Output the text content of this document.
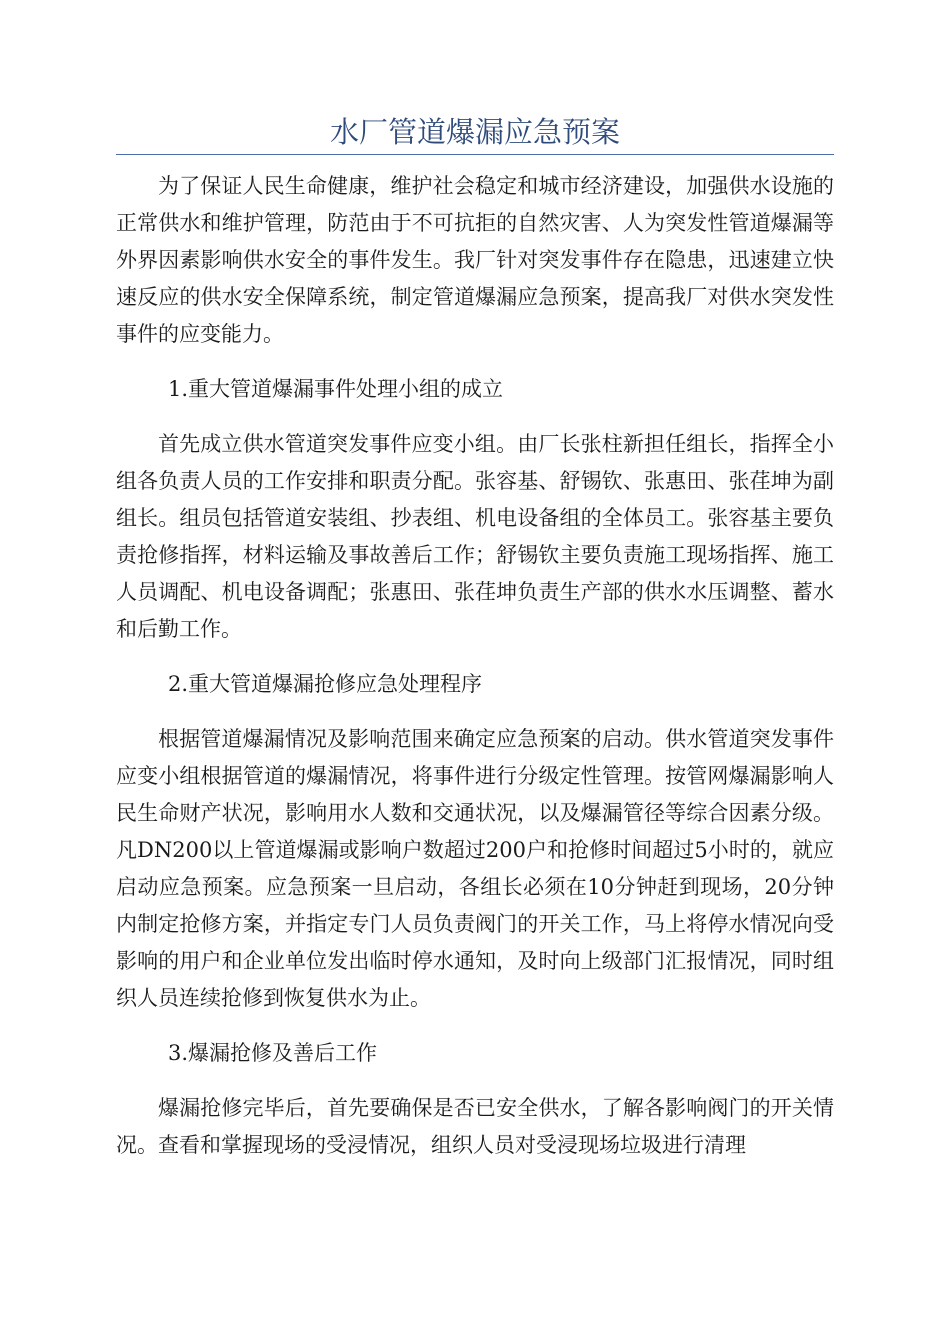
水厂管道爆漏应急预案

为了保证人民生命健康，维护社会稳定和城市经济建设，加强供水设施的正常供水和维护管理，防范由于不可抗拒的自然灾害、人为突发性管道爆漏等外界因素影响供水安全的事件发生。我厂针对突发事件存在隐患，迅速建立快速反应的供水安全保障系统，制定管道爆漏应急预案，提高我厂对供水突发性事件的应变能力。

1.重大管道爆漏事件处理小组的成立

首先成立供水管道突发事件应变小组。由厂长张柱新担任组长，指挥全小组各负责人员的工作安排和职责分配。张容基、舒锡钦、张惠田、张荏坤为副组长。组员包括管道安装组、抄表组、机电设备组的全体员工。张容基主要负责抢修指挥，材料运输及事故善后工作；舒锡钦主要负责施工现场指挥、施工人员调配、机电设备调配；张惠田、张荏坤负责生产部的供水水压调整、蓄水和后勤工作。

2.重大管道爆漏抢修应急处理程序

根据管道爆漏情况及影响范围来确定应急预案的启动。供水管道突发事件应变小组根据管道的爆漏情况，将事件进行分级定性管理。按管网爆漏影响人民生命财产状况，影响用水人数和交通状况，以及爆漏管径等综合因素分级。凡DN200以上管道爆漏或影响户数超过200户和抢修时间超过5小时的，就应启动应急预案。应急预案一旦启动，各组长必须在10分钟赶到现场，20分钟内制定抢修方案，并指定专门人员负责阀门的开关工作，马上将停水情况向受影响的用户和企业单位发出临时停水通知，及时向上级部门汇报情况，同时组织人员连续抢修到恢复供水为止。

3.爆漏抢修及善后工作

爆漏抢修完毕后，首先要确保是否已安全供水，了解各影响阀门的开关情况。查看和掌握现场的受浸情况，组织人员对受浸现场垃圾进行清理
